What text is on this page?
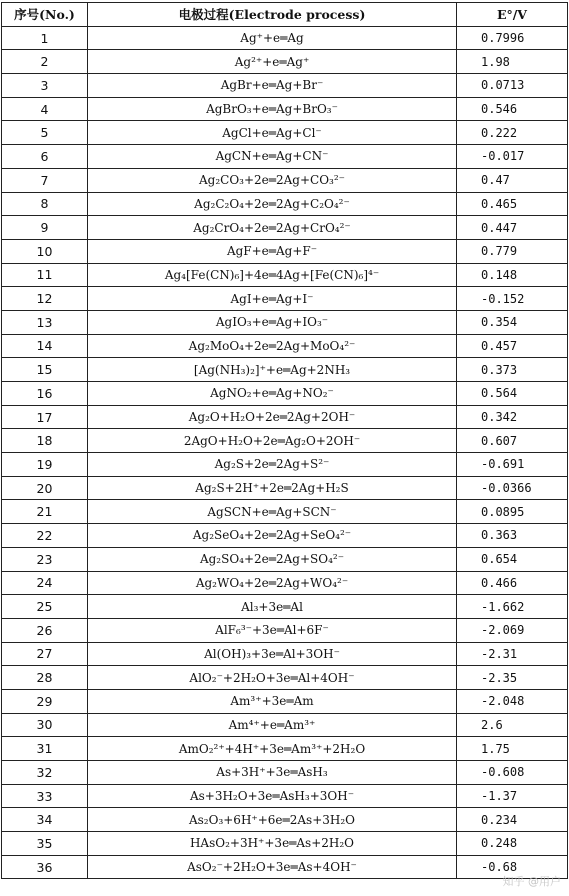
序号(No.)	电极过程(Electrode process)	E°/V
1	Ag⁺+e═Ag	0.7996
2	Ag²⁺+e═Ag⁺	1.98
3	AgBr+e═Ag+Br⁻	0.0713
4	AgBrO₃+e═Ag+BrO₃⁻	0.546
5	AgCl+e═Ag+Cl⁻	0.222
6	AgCN+e═Ag+CN⁻	-0.017
7	Ag₂CO₃+2e═2Ag+CO₃²⁻	0.47
8	Ag₂C₂O₄+2e═2Ag+C₂O₄²⁻	0.465
9	Ag₂CrO₄+2e═2Ag+CrO₄²⁻	0.447
10	AgF+e═Ag+F⁻	0.779
11	Ag₄[Fe(CN)₆]+4e═4Ag+[Fe(CN)₆]⁴⁻	0.148
12	AgI+e═Ag+I⁻	-0.152
13	AgIO₃+e═Ag+IO₃⁻	0.354
14	Ag₂MoO₄+2e═2Ag+MoO₄²⁻	0.457
15	[Ag(NH₃)₂]⁺+e═Ag+2NH₃	0.373
16	AgNO₂+e═Ag+NO₂⁻	0.564
17	Ag₂O+H₂O+2e═2Ag+2OH⁻	0.342
18	2AgO+H₂O+2e═Ag₂O+2OH⁻	0.607
19	Ag₂S+2e═2Ag+S²⁻	-0.691
20	Ag₂S+2H⁺+2e═2Ag+H₂S	-0.0366
21	AgSCN+e═Ag+SCN⁻	0.0895
22	Ag₂SeO₄+2e═2Ag+SeO₄²⁻	0.363
23	Ag₂SO₄+2e═2Ag+SO₄²⁻	0.654
24	Ag₂WO₄+2e═2Ag+WO₄²⁻	0.466
25	Al₃+3e═Al	-1.662
26	AlF₆³⁻+3e═Al+6F⁻	-2.069
27	Al(OH)₃+3e═Al+3OH⁻	-2.31
28	AlO₂⁻+2H₂O+3e═Al+4OH⁻	-2.35
29	Am³⁺+3e═Am	-2.048
30	Am⁴⁺+e═Am³⁺	2.6
31	AmO₂²⁺+4H⁺+3e═Am³⁺+2H₂O	1.75
32	As+3H⁺+3e═AsH₃	-0.608
33	As+3H₂O+3e═AsH₃+3OH⁻	-1.37
34	As₂O₃+6H⁺+6e═2As+3H₂O	0.234
35	HAsO₂+3H⁺+3e═As+2H₂O	0.248
36	AsO₂⁻+2H₂O+3e═As+4OH⁻	-0.68
知乎 @用户
